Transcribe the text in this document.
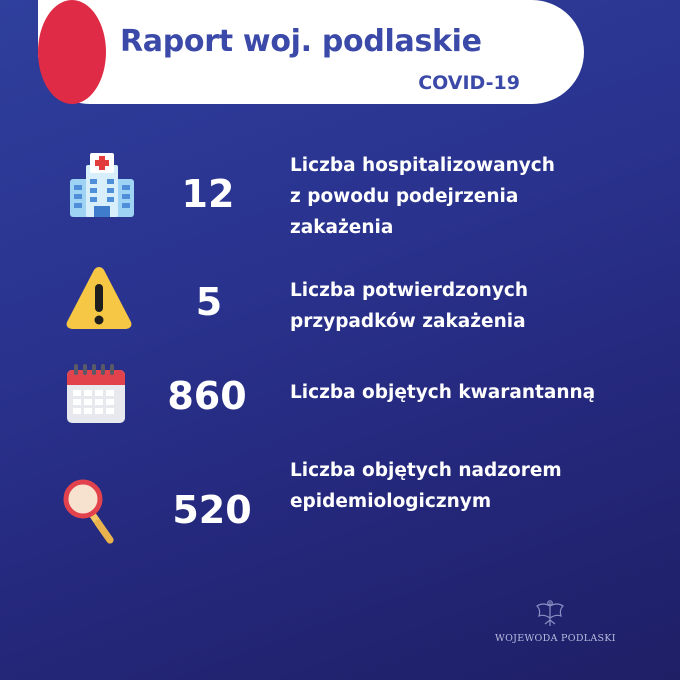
Raport woj. podlaskie
COVID-19
12
Liczba hospitalizowanych
z powodu podejrzenia
zakażenia
5	Liczba potwierdzonych
przypadków zakażenia
860	Liczba objętych kwarantanną
520
Liczba objętych nadzorem
epidemiologicznym
WOJEWODA PODLASKI
